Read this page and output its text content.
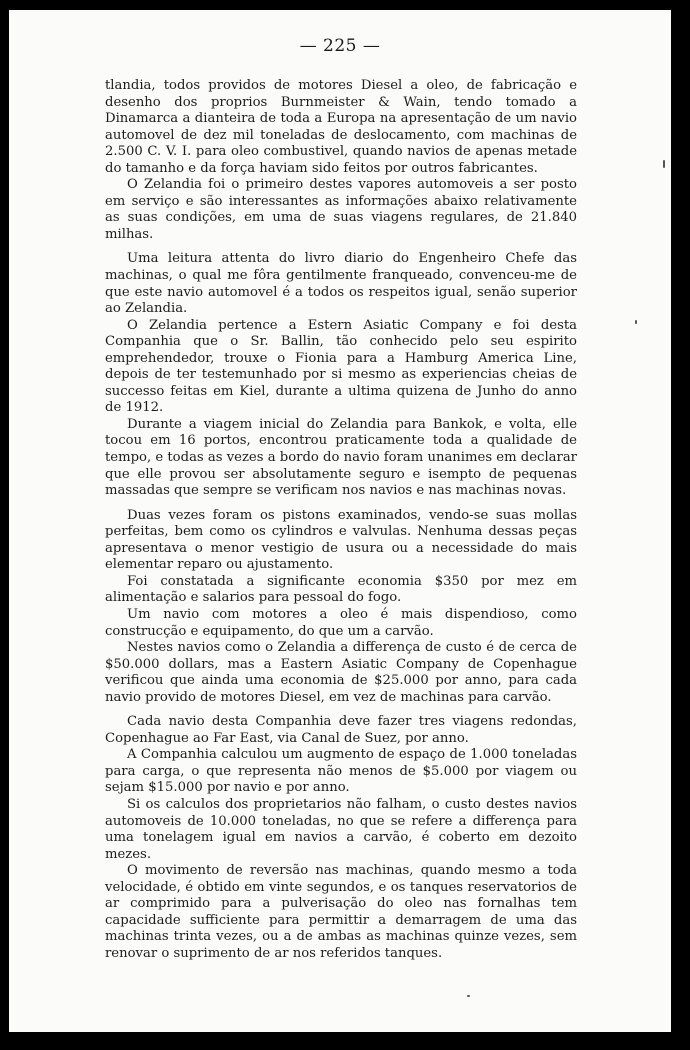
— 225 —

tlandia, todos providos de motores Diesel a oleo, de fabricação e desenho dos proprios Burnmeister & Wain, tendo tomado a Dinamarca a dianteira de toda a Europa na apresentação de um navio automovel de dez mil toneladas de deslocamento, com machinas de 2.500 C. V. I. para oleo combustivel, quando navios de apenas metade do tamanho e da força haviam sido feitos por outros fabricantes.

O Zelandia foi o primeiro destes vapores automoveis a ser posto em serviço e são interessantes as informações abaixo relativamente as suas condições, em uma de suas viagens regulares, de 21.840 milhas.

Uma leitura attenta do livro diario do Engenheiro Chefe das machinas, o qual me fôra gentilmente franqueado, convenceu-me de que este navio automovel é a todos os respeitos igual, senão superior ao Zelandia.

O Zelandia pertence a Estern Asiatic Company e foi desta Companhia que o Sr. Ballin, tão conhecido pelo seu espirito emprehendedor, trouxe o Fionia para a Hamburg America Line, depois de ter testemunhado por si mesmo as experiencias cheias de successo feitas em Kiel, durante a ultima quizena de Junho do anno de 1912.

Durante a viagem inicial do Zelandia para Bankok, e volta, elle tocou em 16 portos, encontrou praticamente toda a qualidade de tempo, e todas as vezes a bordo do navio foram unanimes em declarar que elle provou ser absolutamente seguro e isempto de pequenas massadas que sempre se verificam nos navios e nas machinas novas.

Duas vezes foram os pistons examinados, vendo-se suas mollas perfeitas, bem como os cylindros e valvulas. Nenhuma dessas peças apresentava o menor vestigio de usura ou a necessidade do mais elementar reparo ou ajustamento.

Foi constatada a significante economia $350 por mez em alimentação e salarios para pessoal do fogo.

Um navio com motores a oleo é mais dispendioso, como construcção e equipamento, do que um a carvão.

Nestes navios como o Zelandia a differença de custo é de cerca de $50.000 dollars, mas a Eastern Asiatic Company de Copenhague verificou que ainda uma economia de $25.000 por anno, para cada navio provido de motores Diesel, em vez de machinas para carvão.

Cada navio desta Companhia deve fazer tres viagens redondas, Copenhague ao Far East, via Canal de Suez, por anno.

A Companhia calculou um augmento de espaço de 1.000 toneladas para carga, o que representa não menos de $5.000 por viagem ou sejam $15.000 por navio e por anno.

Si os calculos dos proprietarios não falham, o custo destes navios automoveis de 10.000 toneladas, no que se refere a differença para uma tonelagem igual em navios a carvão, é coberto em dezoito mezes.

O movimento de reversão nas machinas, quando mesmo a toda velocidade, é obtido em vinte segundos, e os tanques reservatorios de ar comprimido para a pulverisação do oleo nas fornalhas tem capacidade sufficiente para permittir a demarragem de uma das machinas trinta vezes, ou a de ambas as machinas quinze vezes, sem renovar o suprimento de ar nos referidos tanques.
